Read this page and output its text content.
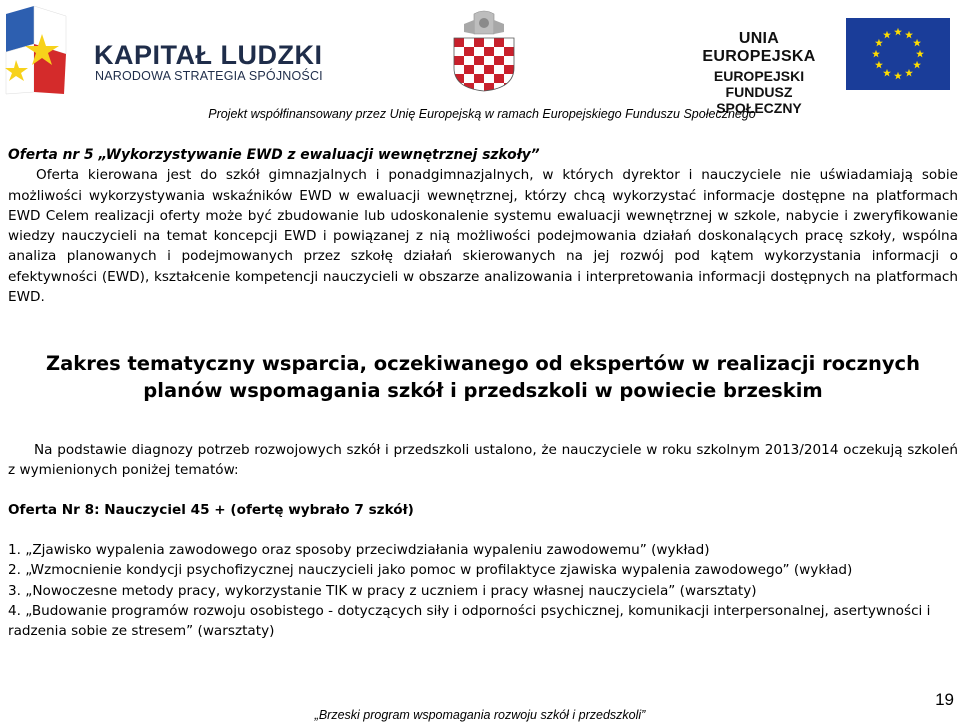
KAPITAŁ LUDZKI
NARODOWA STRATEGIA SPÓJNOŚCI
UNIA EUROPEJSKA
EUROPEJSKI
FUNDUSZ SPOŁECZNY
Projekt współfinansowany przez Unię Europejską w ramach Europejskiego Funduszu Społecznego
Oferta nr 5 „Wykorzystywanie EWD z ewaluacji wewnętrznej szkoły”
Oferta kierowana jest do szkół gimnazjalnych i ponadgimnazjalnych, w których dyrektor i nauczyciele nie uświadamiają sobie możliwości wykorzystywania wskaźników EWD w ewaluacji wewnętrznej, którzy chcą wykorzystać informacje dostępne na platformach EWD Celem realizacji oferty może być zbudowanie lub udoskonalenie systemu ewaluacji wewnętrznej w szkole, nabycie i zweryfikowanie wiedzy nauczycieli na temat koncepcji EWD i powiązanej z nią możliwości podejmowania działań doskonalących pracę szkoły, wspólna analiza planowanych i podejmowanych przez szkołę działań skierowanych na jej rozwój pod kątem wykorzystania informacji o efektywności (EWD), kształcenie kompetencji nauczycieli w obszarze analizowania i interpretowania informacji dostępnych na platformach EWD.
Zakres tematyczny wsparcia, oczekiwanego od ekspertów w realizacji rocznych planów wspomagania szkół i przedszkoli w powiecie brzeskim
Na podstawie diagnozy potrzeb rozwojowych szkół i przedszkoli ustalono, że nauczyciele w roku szkolnym 2013/2014 oczekują szkoleń z wymienionych poniżej tematów:
Oferta Nr 8: Nauczyciel 45 + (ofertę wybrało 7 szkół)
1. „Zjawisko wypalenia zawodowego oraz sposoby przeciwdziałania wypaleniu zawodowemu” (wykład)
2. „Wzmocnienie kondycji psychofizycznej nauczycieli jako pomoc w profilaktyce zjawiska wypalenia zawodowego” (wykład)
3. „Nowoczesne metody pracy, wykorzystanie TIK w pracy z uczniem i pracy własnej nauczyciela” (warsztaty)
4. „Budowanie programów rozwoju osobistego - dotyczących siły i odporności psychicznej, komunikacji interpersonalnej, asertywności i radzenia sobie ze stresem” (warsztaty)
„Brzeski program wspomagania rozwoju szkół i przedszkoli”
19
